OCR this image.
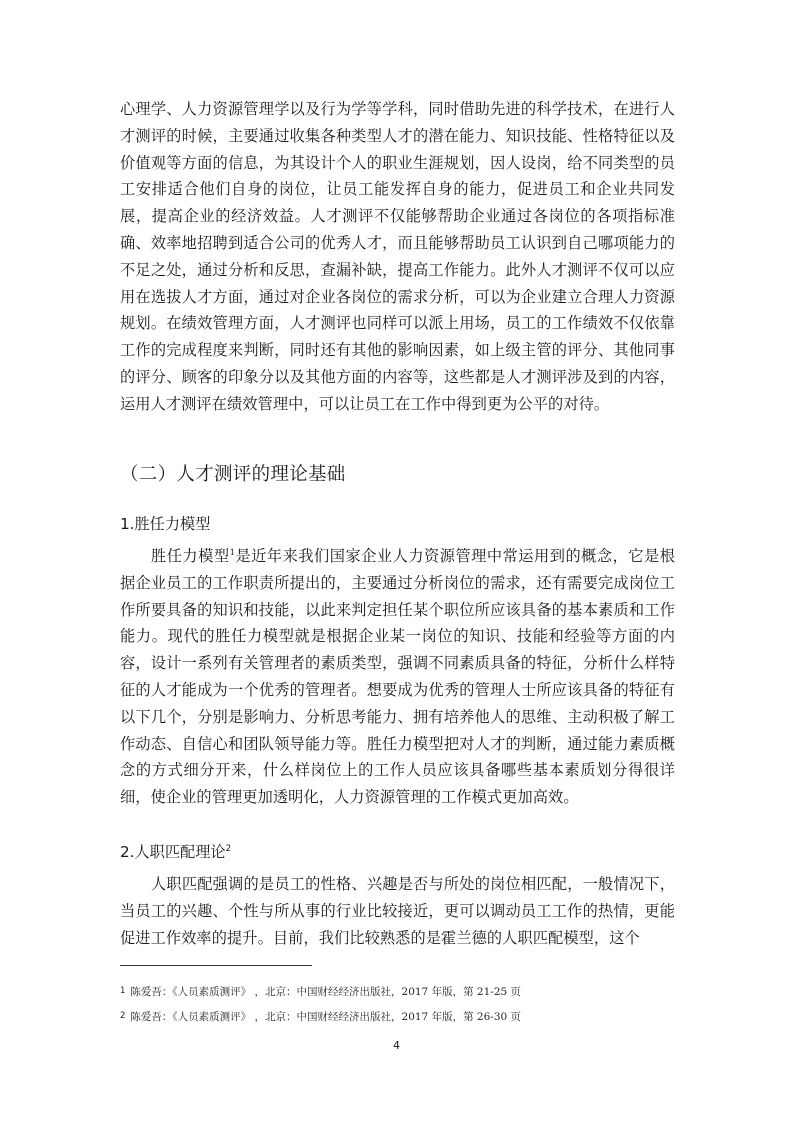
心理学、人力资源管理学以及行为学等学科，同时借助先进的科学技术，在进行人才测评的时候，主要通过收集各种类型人才的潜在能力、知识技能、性格特征以及价值观等方面的信息，为其设计个人的职业生涯规划，因人设岗，给不同类型的员工安排适合他们自身的岗位，让员工能发挥自身的能力，促进员工和企业共同发展，提高企业的经济效益。人才测评不仅能够帮助企业通过各岗位的各项指标准确、效率地招聘到适合公司的优秀人才，而且能够帮助员工认识到自己哪项能力的不足之处，通过分析和反思，查漏补缺，提高工作能力。此外人才测评不仅可以应用在选拔人才方面，通过对企业各岗位的需求分析，可以为企业建立合理人力资源规划。在绩效管理方面，人才测评也同样可以派上用场，员工的工作绩效不仅依靠工作的完成程度来判断，同时还有其他的影响因素，如上级主管的评分、其他同事的评分、顾客的印象分以及其他方面的内容等，这些都是人才测评涉及到的内容，运用人才测评在绩效管理中，可以让员工在工作中得到更为公平的对待。

（二）人才测评的理论基础
1.胜任力模型

胜任力模型$^1$是近年来我们国家企业人力资源管理中常运用到的概念，它是根据企业员工的工作职责所提出的，主要通过分析岗位的需求，还有需要完成岗位工作所要具备的知识和技能，以此来判定担任某个职位所应该具备的基本素质和工作能力。现代的胜任力模型就是根据企业某一岗位的知识、技能和经验等方面的内容，设计一系列有关管理者的素质类型，强调不同素质具备的特征，分析什么样特征的人才能成为一个优秀的管理者。想要成为优秀的管理人士所应该具备的特征有以下几个，分别是影响力、分析思考能力、拥有培养他人的思维、主动积极了解工作动态、自信心和团队领导能力等。胜任力模型把对人才的判断，通过能力素质概念的方式细分开来，什么样岗位上的工作人员应该具备哪些基本素质划分得很详细，使企业的管理更加透明化，人力资源管理的工作模式更加高效。

2.人职匹配理论$^2$

人职匹配强调的是员工的性格、兴趣是否与所处的岗位相匹配，一般情况下，当员工的兴趣、个性与所从事的行业比较接近，更可以调动员工工作的热情，更能促进工作效率的提升。目前，我们比较熟悉的是霍兰德的人职匹配模型，这个

1 陈爱吾：《人员素质测评》 ，北京：中国财经经济出版社，2017 年版，第 21-25 页

2 陈爱吾：《人员素质测评》 ，北京：中国财经经济出版社，2017 年版，第 26-30 页

4
